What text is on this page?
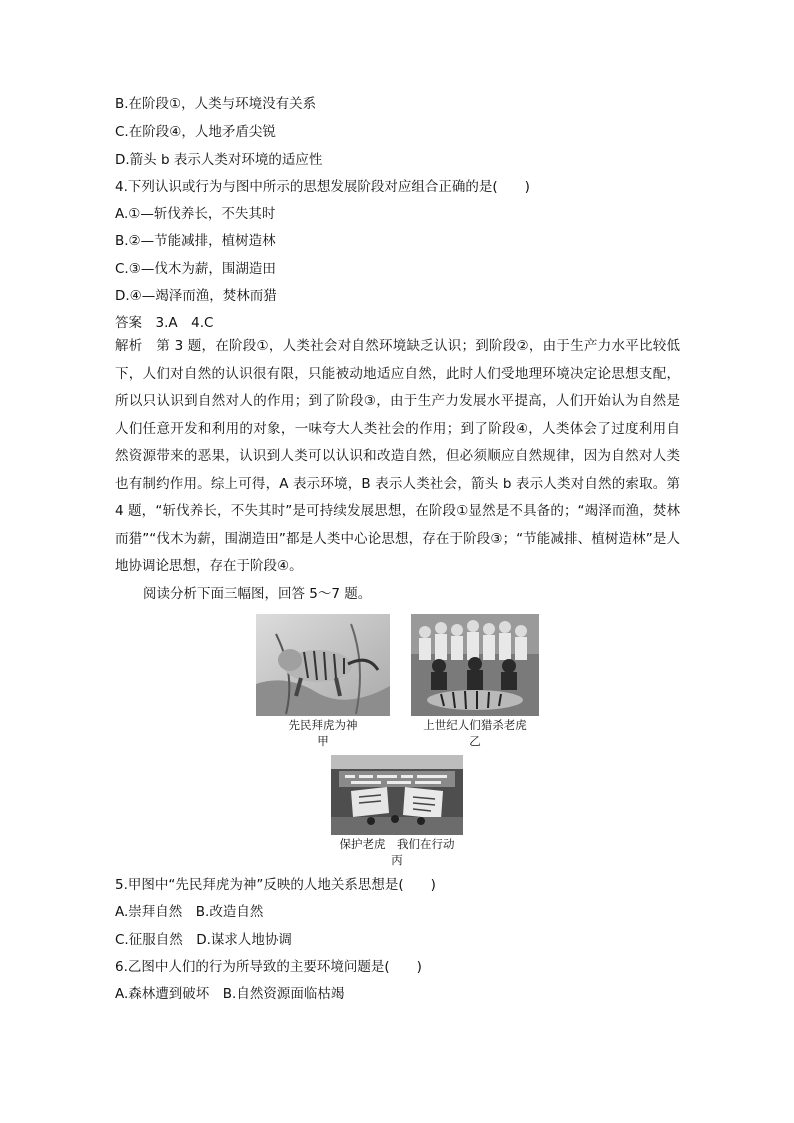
B.在阶段①，人类与环境没有关系
C.在阶段④，人地矛盾尖锐
D.箭头 b 表示人类对环境的适应性
4.下列认识或行为与图中所示的思想发展阶段对应组合正确的是(　　)
A.①—斩伐养长，不失其时
B.②—节能减排，植树造林
C.③—伐木为薪，围湖造田
D.④—竭泽而渔，焚林而猎
答案　 3.A　4.C
解析　 第 3 题，在阶段①，人类社会对自然环境缺乏认识；到阶段②，由于生产力水平比较低下，人们对自然的认识很有限，只能被动地适应自然，此时人们受地理环境决定论思想支配，所以只认识到自然对人的作用；到了阶段③，由于生产力发展水平提高，人们开始认为自然是人们任意开发和利用的对象，一味夸大人类社会的作用；到了阶段④，人类体会了过度利用自然资源带来的恶果，认识到人类可以认识和改造自然，但必须顺应自然规律，因为自然对人类也有制约作用。综上可得，A 表示环境，B 表示人类社会，箭头 b 表示人类对自然的索取。第 4 题，“斩伐养长，不失其时”是可持续发展思想，在阶段①显然是不具备的；“竭泽而渔，焚林而猎”“伐木为薪，围湖造田”都是人类中心论思想，存在于阶段③；“节能减排、植树造林”是人地协调论思想，存在于阶段④。
阅读分析下面三幅图，回答 5～7 题。
先民拜虎为神
甲
上世纪人们猎杀老虎
乙
保护老虎　我们在行动
丙
5.甲图中“先民拜虎为神”反映的人地关系思想是(　　)
A.崇拜自然　B.改造自然
C.征服自然　D.谋求人地协调
6.乙图中人们的行为所导致的主要环境问题是(　　)
A.森林遭到破坏　B.自然资源面临枯竭
